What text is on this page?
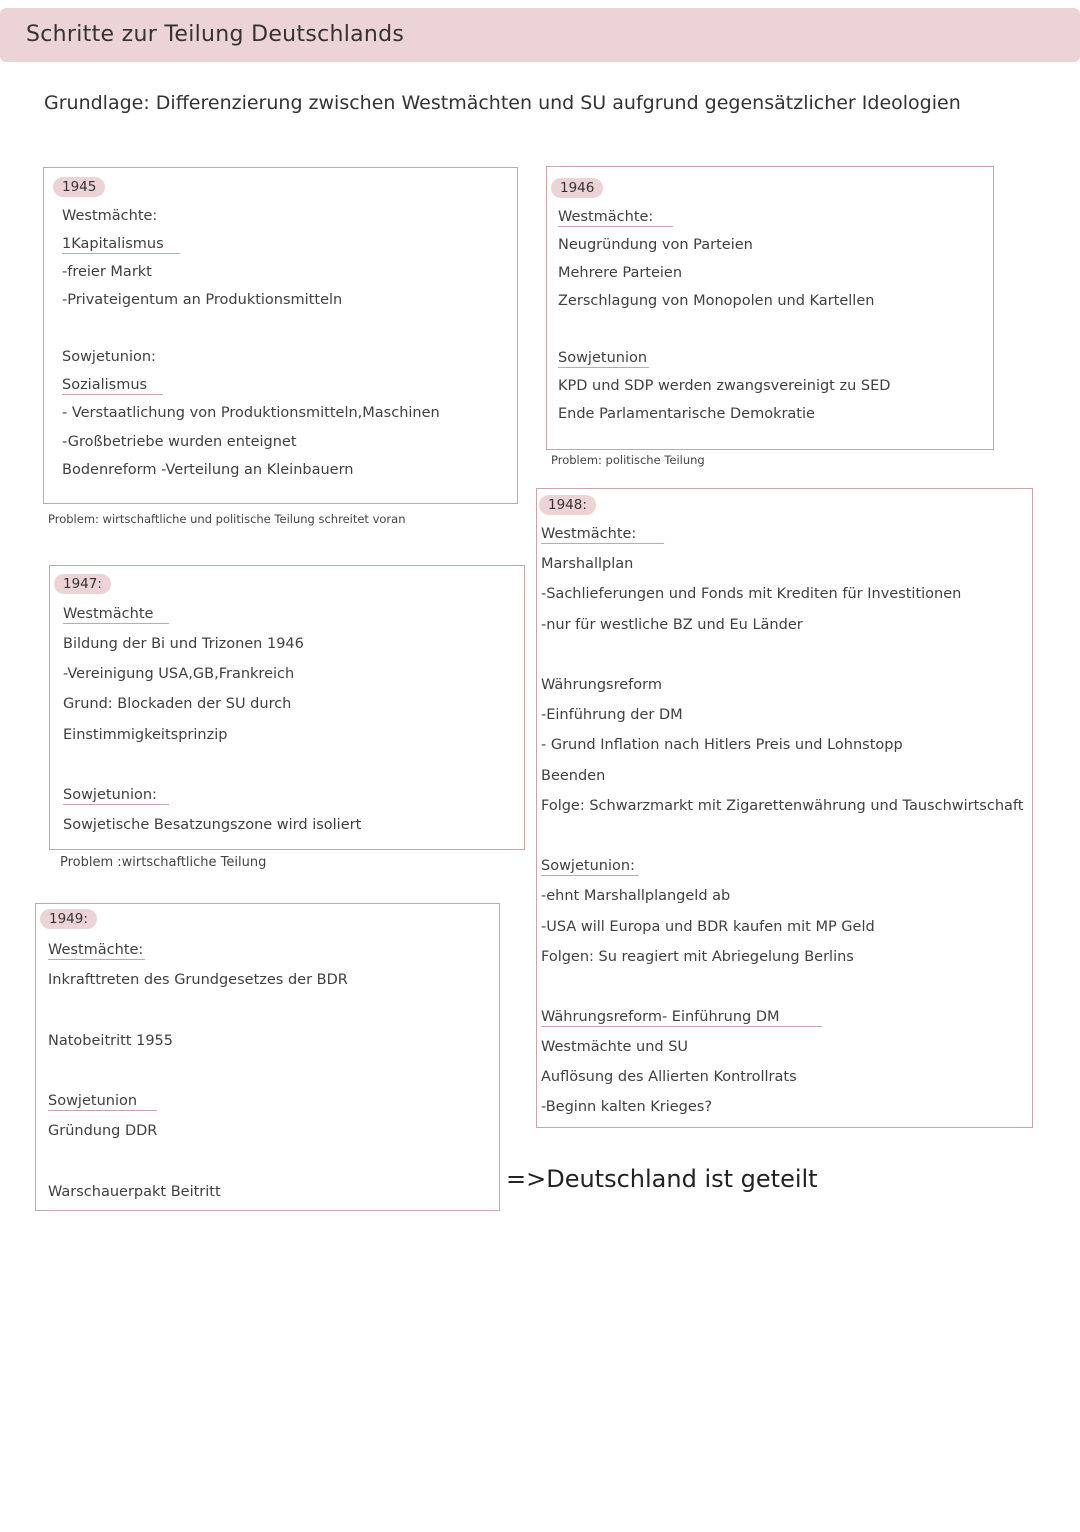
Schritte zur Teilung Deutschlands
Grundlage: Differenzierung zwischen Westmächten und SU aufgrund gegensätzlicher Ideologien
1945
Westmächte:
1Kapitalismus
-freier Markt
-Privateigentum an Produktionsmitteln
Sowjetunion:
Sozialismus
- Verstaatlichung von Produktionsmitteln,Maschinen
-Großbetriebe wurden enteignet
Bodenreform -Verteilung an Kleinbauern
Problem: wirtschaftliche und politische Teilung schreitet voran
1946
Westmächte:
Neugründung von Parteien
Mehrere Parteien
Zerschlagung von Monopolen und Kartellen
Sowjetunion
KPD und SDP werden zwangsvereinigt zu SED
Ende Parlamentarische Demokratie
Problem: politische Teilung
1947:
Westmächte
Bildung der Bi und Trizonen 1946
-Vereinigung USA,GB,Frankreich
Grund: Blockaden der SU durch
Einstimmigkeitsprinzip
Sowjetunion:
Sowjetische Besatzungszone wird isoliert
Problem :wirtschaftliche Teilung
1948:
Westmächte:
Marshallplan
-Sachlieferungen und Fonds mit Krediten für Investitionen
-nur für westliche BZ und Eu Länder
Währungsreform
-Einführung der DM
- Grund Inflation nach Hitlers Preis und Lohnstopp
Beenden
Folge: Schwarzmarkt mit Zigarettenwährung und Tauschwirtschaft
Sowjetunion:
-ehnt Marshallplangeld ab
-USA will Europa und BDR kaufen mit MP Geld
Folgen: Su reagiert mit Abriegelung Berlins
Währungsreform- Einführung DM
Westmächte und SU
Auflösung des Allierten Kontrollrats
-Beginn kalten Krieges?
1949:
Westmächte:
Inkrafttreten des Grundgesetzes der BDR
Natobeitritt 1955
Sowjetunion
Gründung DDR
Warschauerpakt Beitritt	=>Deutschland ist geteilt
